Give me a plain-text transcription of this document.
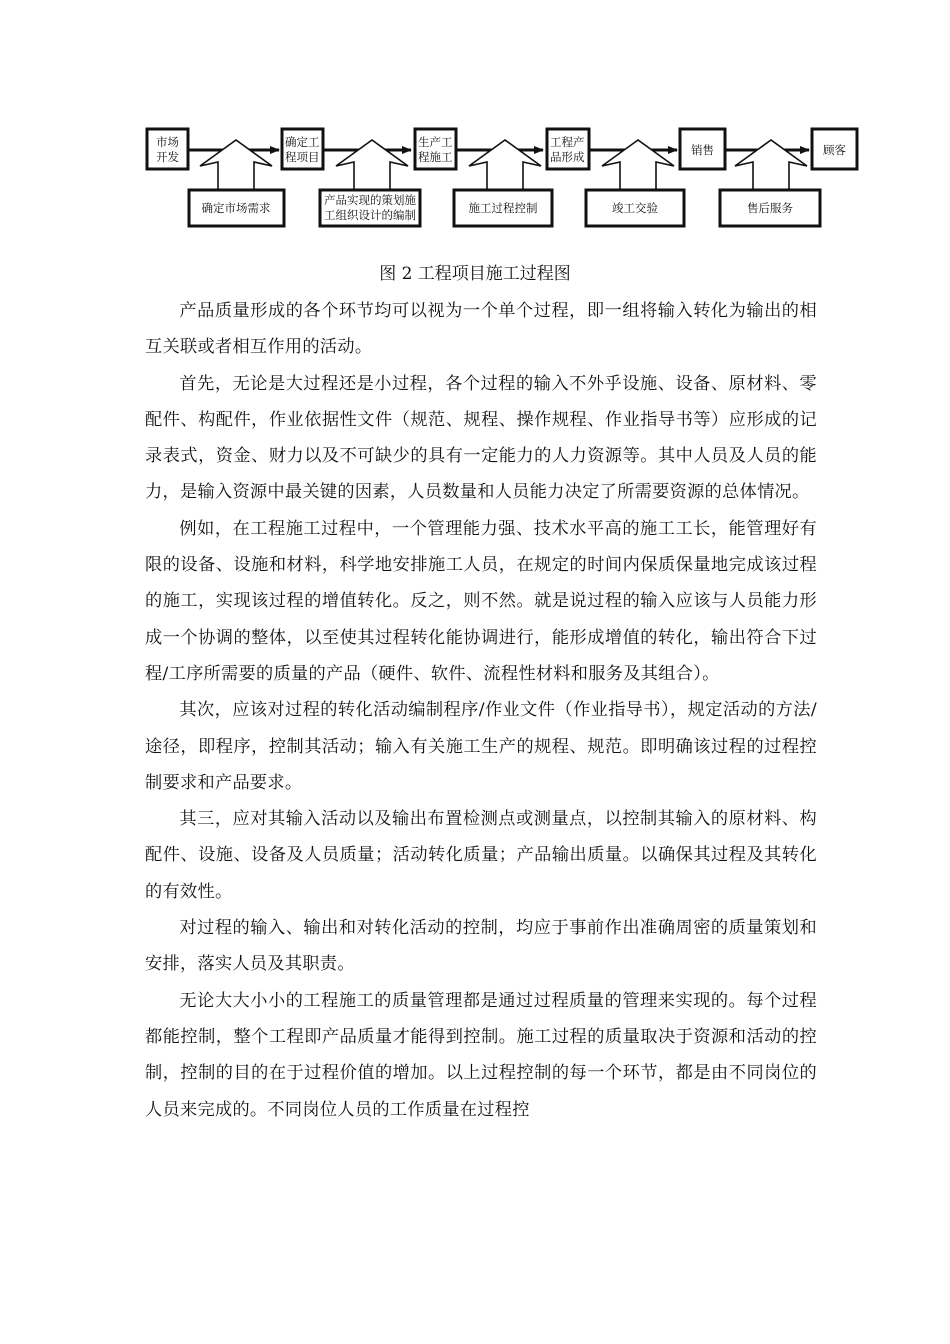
市场
开发
确定工
程项目
生产工
程施工
工程产
品形成	销售	顾客
确定市场需求
产品实现的策划施
工组织设计的编制	施工过程控制	竣工交验	售后服务
图 2 工程项目施工过程图

产品质量形成的各个环节均可以视为一个单个过程，即一组将输入转化为输出的相互关联或者相互作用的活动。

首先，无论是大过程还是小过程，各个过程的输入不外乎设施、设备、原材料、零配件、构配件，作业依据性文件（规范、规程、操作规程、作业指导书等）应形成的记录表式，资金、财力以及不可缺少的具有一定能力的人力资源等。其中人员及人员的能力，是输入资源中最关键的因素，人员数量和人员能力决定了所需要资源的总体情况。

例如，在工程施工过程中，一个管理能力强、技术水平高的施工工长，能管理好有限的设备、设施和材料，科学地安排施工人员，在规定的时间内保质保量地完成该过程的施工，实现该过程的增值转化。反之，则不然。就是说过程的输入应该与人员能力形成一个协调的整体，以至使其过程转化能协调进行，能形成增值的转化，输出符合下过程/工序所需要的质量的产品（硬件、软件、流程性材料和服务及其组合）。

其次，应该对过程的转化活动编制程序/作业文件（作业指导书），规定活动的方法/途径，即程序，控制其活动；输入有关施工生产的规程、规范。即明确该过程的过程控制要求和产品要求。

其三，应对其输入活动以及输出布置检测点或测量点，以控制其输入的原材料、构配件、设施、设备及人员质量；活动转化质量；产品输出质量。以确保其过程及其转化的有效性。

对过程的输入、输出和对转化活动的控制，均应于事前作出准确周密的质量策划和安排，落实人员及其职责。

无论大大小小的工程施工的质量管理都是通过过程质量的管理来实现的。每个过程都能控制，整个工程即产品质量才能得到控制。施工过程的质量取决于资源和活动的控制，控制的目的在于过程价值的增加。以上过程控制的每一个环节，都是由不同岗位的人员来完成的。不同岗位人员的工作质量在过程控
